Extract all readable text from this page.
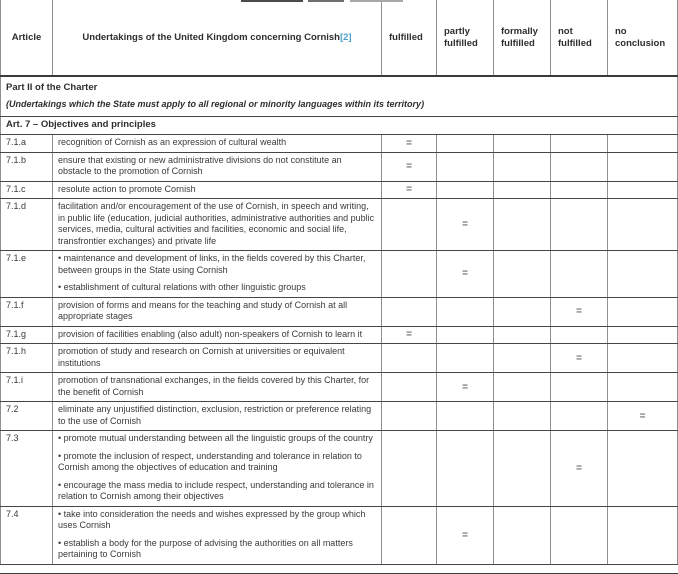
Article	Undertakings of the United Kingdom concerning Cornish[2]	fulfilled	partly fulfilled	formally fulfilled	not fulfilled	no conclusion

Part II of the Charter

(Undertakings which the State must apply to all regional or minority languages within its territory)						

Art. 7 – Objectives and principles						
7.1.a	recognition of Cornish as an expression of cultural wealth	=				
7.1.b	ensure that existing or new administrative divisions do not constitute an obstacle to the promotion of Cornish	=				
7.1.c	resolute action to promote Cornish	=				
7.1.d	facilitation and/or encouragement of the use of Cornish, in speech and writing, in public life (education, judicial authorities, administrative authorities and public services, media, cultural activities and facilities, economic and social life, transfrontier exchanges) and private life		=			
7.1.e	• maintenance and development of links, in the fields covered by this Charter, between groups in the State using Cornish

• establishment of cultural relations with other linguistic groups		=			
7.1.f	provision of forms and means for the teaching and study of Cornish at all appropriate stages				=	
7.1.g	provision of facilities enabling (also adult) non-speakers of Cornish to learn it	=				
7.1.h	promotion of study and research on Cornish at universities or equivalent institutions				=	
7.1.i	promotion of transnational exchanges, in the fields covered by this Charter, for the benefit of Cornish		=			
7.2	eliminate any unjustified distinction, exclusion, restriction or preference relating to the use of Cornish					=
7.3	• promote mutual understanding between all the linguistic groups of the country

• promote the inclusion of respect, understanding and tolerance in relation to Cornish among the objectives of education and training

• encourage the mass media to include respect, understanding and tolerance in relation to Cornish among their objectives				=	
7.4	• take into consideration the needs and wishes expressed by the group which uses Cornish

• establish a body for the purpose of advising the authorities on all matters pertaining to Cornish		=			
